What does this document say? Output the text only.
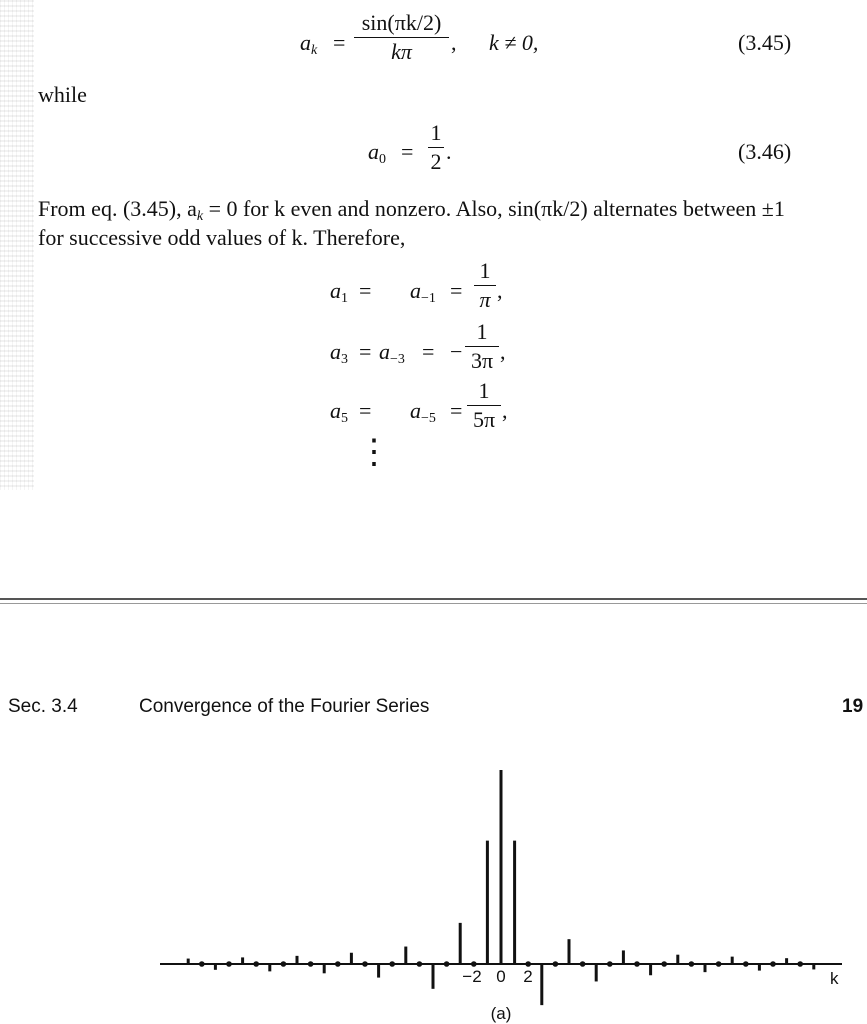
ak =
sin(πk/2)
kπ	, k ≠ 0,	(3.45)
while
$a_0$ =
1
2 .	(3.46)
From eq. (3.45), ak = 0 for k even and nonzero. Also, sin(πk/2) alternates between ±1
for successive odd values of k. Therefore,
$a_1 = a_{-1}$ =
1
π ,
$a_3 = a_{-3}$ = −
1
3π ,
$a_5 = a_{-5}$ =
1
5π ,
⋮
Sec. 3.4	Convergence of the Fourier Series	19
k
−2 0 2
(a)
